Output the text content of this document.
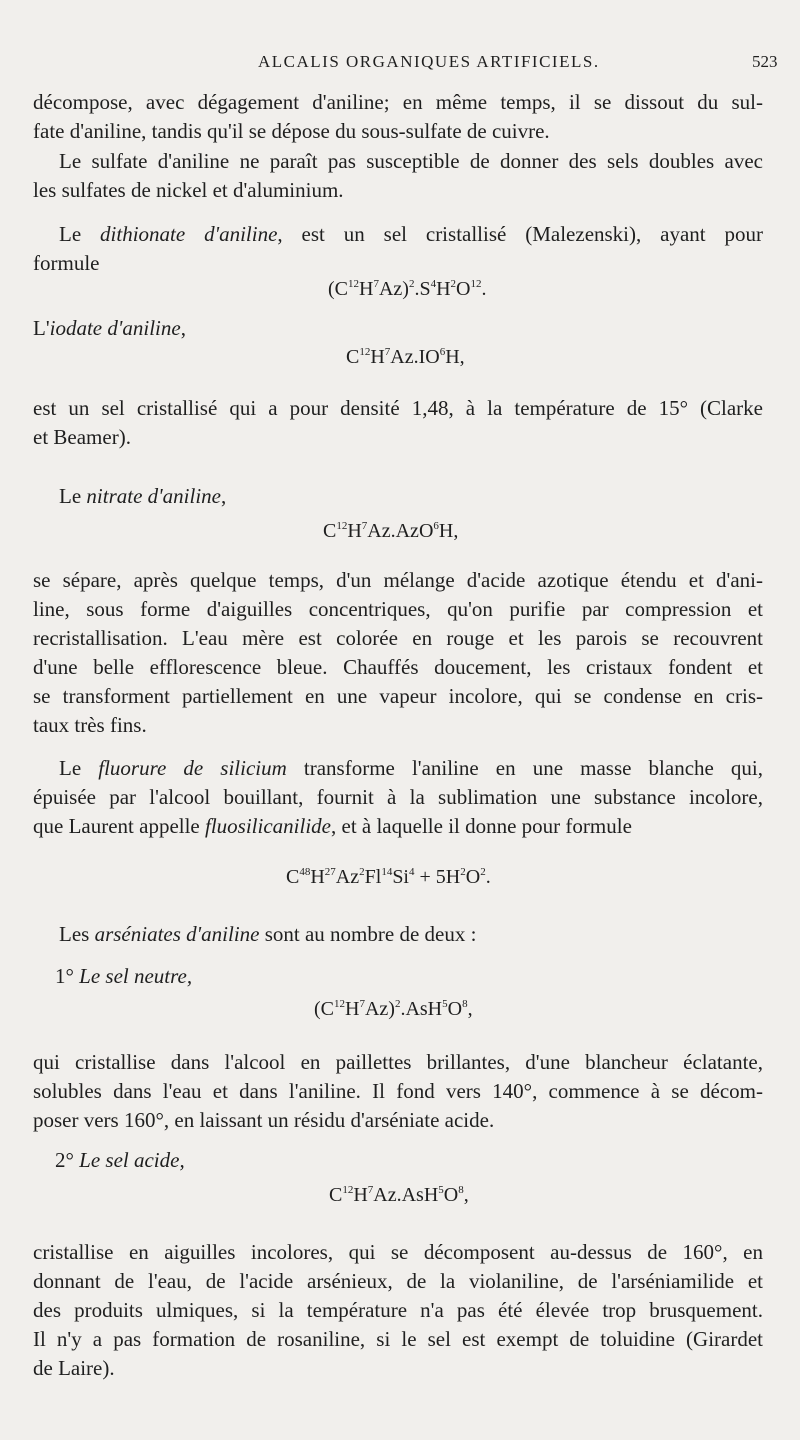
ALCALIS ORGANIQUES ARTIFICIELS.	523
décompose, avec dégagement d'aniline; en même temps, il se dissout du sul-
fate d'aniline, tandis qu'il se dépose du sous-sulfate de cuivre.
Le sulfate d'aniline ne paraît pas susceptible de donner des sels doubles avec
les sulfates de nickel et d'aluminium.
Le dithionate d'aniline, est un sel cristallisé (Malezenski), ayant pour
formule
$(C^{12}H^7Az)^2.S^4H^2O^{12}$.
L'iodate d'aniline,
$C^{12}H^7Az.IO^6H$,
est un sel cristallisé qui a pour densité 1,48, à la température de 15° (Clarke
et Beamer).
Le nitrate d'aniline,
$C^{12}H^7Az.AzO^6H$,
se sépare, après quelque temps, d'un mélange d'acide azotique étendu et d'ani-
line, sous forme d'aiguilles concentriques, qu'on purifie par compression et
recristallisation. L'eau mère est colorée en rouge et les parois se recouvrent
d'une belle efflorescence bleue. Chauffés doucement, les cristaux fondent et
se transforment partiellement en une vapeur incolore, qui se condense en cris-
taux très fins.
Le fluorure de silicium transforme l'aniline en une masse blanche qui,
épuisée par l'alcool bouillant, fournit à la sublimation une substance incolore,
que Laurent appelle fluosilicanilide, et à laquelle il donne pour formule
$C^{48}H^{27}Az^2Fl^{14}Si^4 + 5H^2O^2$.
Les arséniates d'aniline sont au nombre de deux :
1° Le sel neutre,
$(C^{12}H^7Az)^2.AsH^5O^8$,
qui cristallise dans l'alcool en paillettes brillantes, d'une blancheur éclatante,
solubles dans l'eau et dans l'aniline. Il fond vers 140°, commence à se décom-
poser vers 160°, en laissant un résidu d'arséniate acide.
2° Le sel acide,
$C^{12}H^7Az.AsH^5O^8$,
cristallise en aiguilles incolores, qui se décomposent au-dessus de 160°, en
donnant de l'eau, de l'acide arsénieux, de la violaniline, de l'arséniamilide et
des produits ulmiques, si la température n'a pas été élevée trop brusquement.
Il n'y a pas formation de rosaniline, si le sel est exempt de toluidine (Girardet
de Laire).
